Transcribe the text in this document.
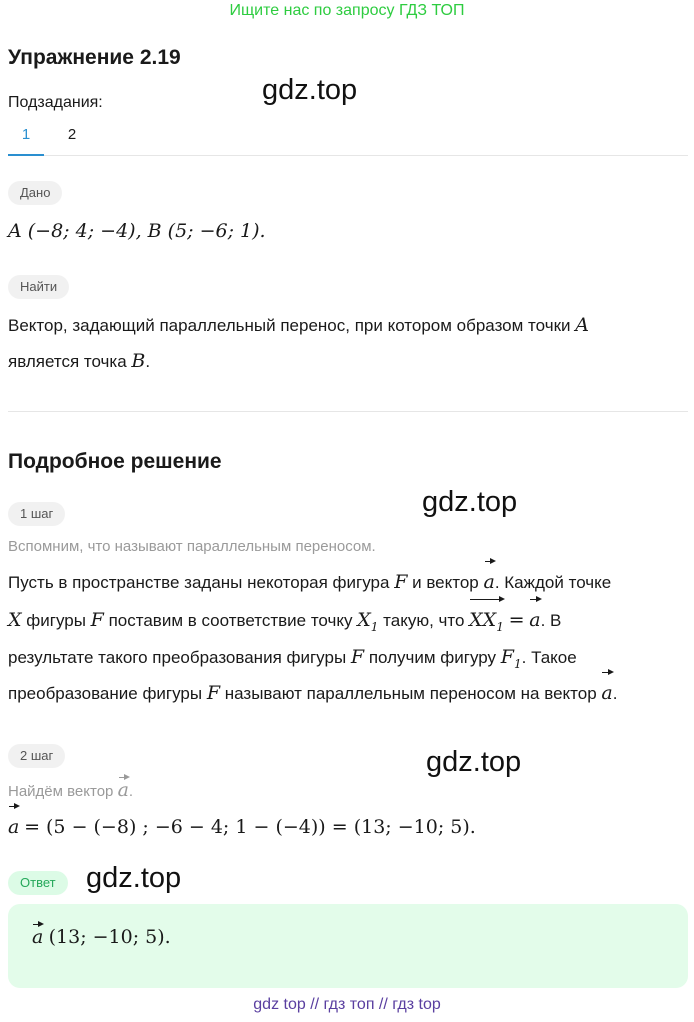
Ищите нас по запросу ГДЗ ТОП
Упражнение 2.19
Подзадания:	gdz.top
1	2
Дано
A (−8; 4; −4), B (5; −6; 1).
Найти
Вектор, задающий параллельный перенос, при котором образом точки A
является точка B.
Подробное решение
gdz.top
1 шаг
Вспомним, что называют параллельным переносом.
Пусть в пространстве заданы некоторая фигура F и вектор a. Каждой точке
X фигуры F поставим в соответствие точку $X_1$ такую, что $XX_1 = a$. В
результате такого преобразования фигуры F получим фигуру $F_1$. Такое
преобразование фигуры F называют параллельным переносом на вектор a.
gdz.top
2 шаг
Найдём вектор a.
a = (5 − (−8) ; −6 − 4; 1 − (−4)) = (13; −10; 5).
Ответ	gdz.top
a (13; −10; 5).
gdz top // гдз топ // гдз top
